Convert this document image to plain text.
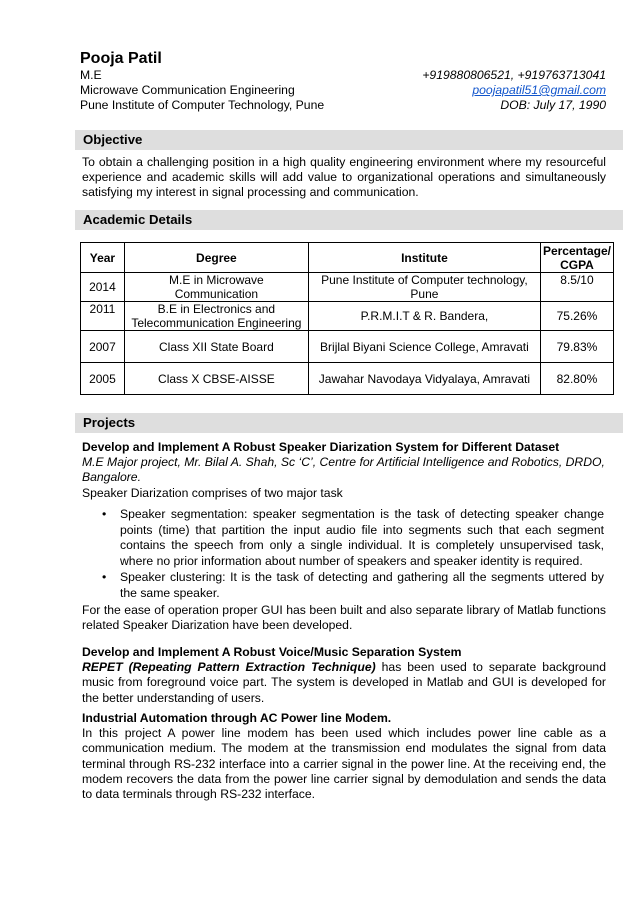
Pooja Patil
M.E	+919880806521, +919763713041
Microwave Communication Engineering	poojapatil51@gmail.com
Pune Institute of Computer Technology, Pune	DOB: July 17, 1990
Objective
To obtain a challenging position in a high quality engineering environment where my resourceful experience and academic skills will add value to organizational operations and simultaneously satisfying my interest in signal processing and communication.
Academic Details
Year	Degree	Institute	Percentage/ CGPA
2014	M.E in Microwave Communication	Pune Institute of Computer technology, Pune	8.5/10
2011	B.E in Electronics and Telecommunication Engineering	P.R.M.I.T & R. Bandera,	75.26%
2007	Class XII State Board	Brijlal Biyani Science College, Amravati	79.83%
2005	Class X CBSE-AISSE	Jawahar Navodaya Vidyalaya, Amravati	82.80%
Projects
Develop and Implement A Robust Speaker Diarization System for Different Dataset
M.E Major project, Mr. Bilal A. Shah, Sc ‘C’, Centre for Artificial Intelligence and Robotics, DRDO, Bangalore.
Speaker Diarization comprises of two major task
• Speaker segmentation: speaker segmentation is the task of detecting speaker change points (time) that partition the input audio file into segments such that each segment contains the speech from only a single individual. It is completely unsupervised task, where no prior information about number of speakers and speaker identity is required.
• Speaker clustering: It is the task of detecting and gathering all the segments uttered by the same speaker.
For the ease of operation proper GUI has been built and also separate library of Matlab functions related Speaker Diarization have been developed.
Develop and Implement A Robust Voice/Music Separation System
REPET (Repeating Pattern Extraction Technique) has been used to separate background music from foreground voice part. The system is developed in Matlab and GUI is developed for the better understanding of users.
Industrial Automation through AC Power line Modem.
In this project A power line modem has been used which includes power line cable as a communication medium. The modem at the transmission end modulates the signal from data terminal through RS-232 interface into a carrier signal in the power line. At the receiving end, the modem recovers the data from the power line carrier signal by demodulation and sends the data to data terminals through RS-232 interface.
